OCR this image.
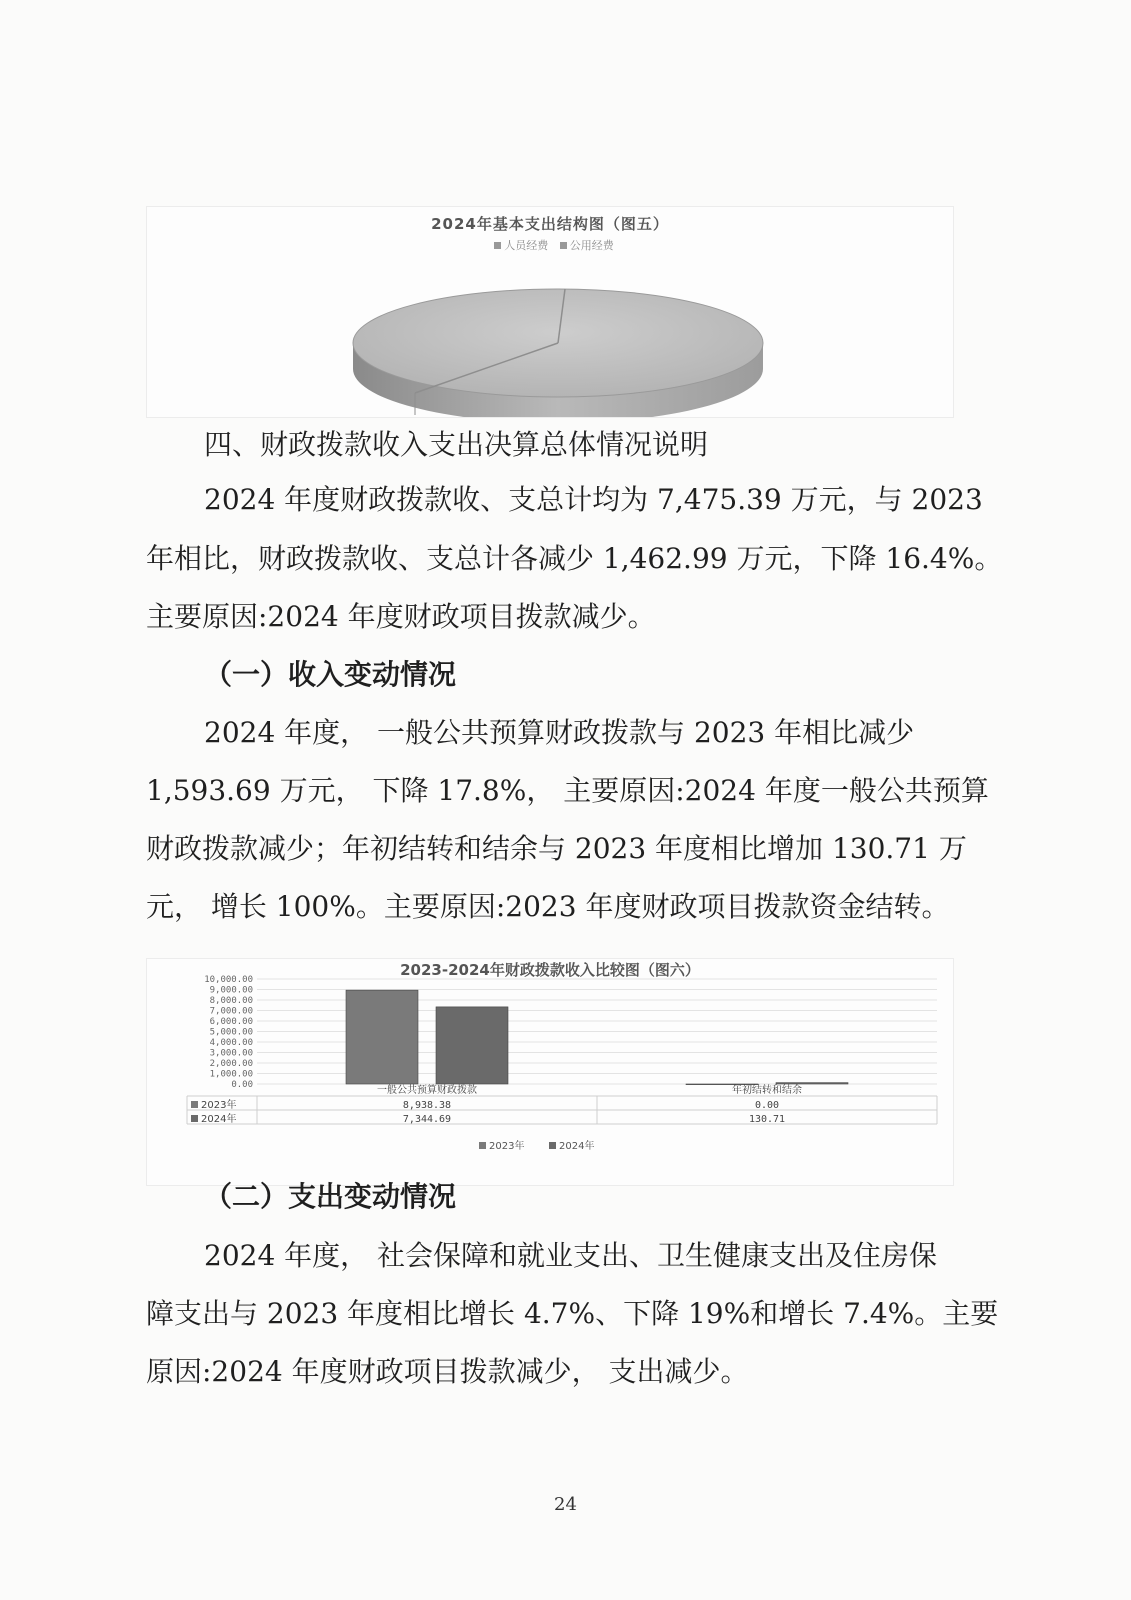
2024年基本支出结构图（图五）
人员经费 公用经费
四、财政拨款收入支出决算总体情况说明
2024 年度财政拨款收、支总计均为 7,475.39 万元，与 2023
年相比，财政拨款收、支总计各减少 1,462.99 万元，下降 16.4%。
主要原因:2024 年度财政项目拨款减少。
（一）收入变动情况
2024 年度， 一般公共预算财政拨款与 2023 年相比减少
1,593.69 万元， 下降 17.8%， 主要原因:2024 年度一般公共预算
财政拨款减少；年初结转和结余与 2023 年度相比增加 130.71 万
元， 增长 100%。主要原因:2023 年度财政项目拨款资金结转。
2023-2024年财政拨款收入比较图（图六）
10,000.00
9,000.00
8,000.00
7,000.00
6,000.00
5,000.00
4,000.00
3,000.00
2,000.00
1,000.00
0.00	一般公共预算财政拨款	年初结转和结余
2023年	8,938.38	0.00
2024年	7,344.69	130.71
2023年	2024年
（二）支出变动情况
2024 年度， 社会保障和就业支出、卫生健康支出及住房保
障支出与 2023 年度相比增长 4.7%、下降 19%和增长 7.4%。主要
原因:2024 年度财政项目拨款减少， 支出减少。
24
